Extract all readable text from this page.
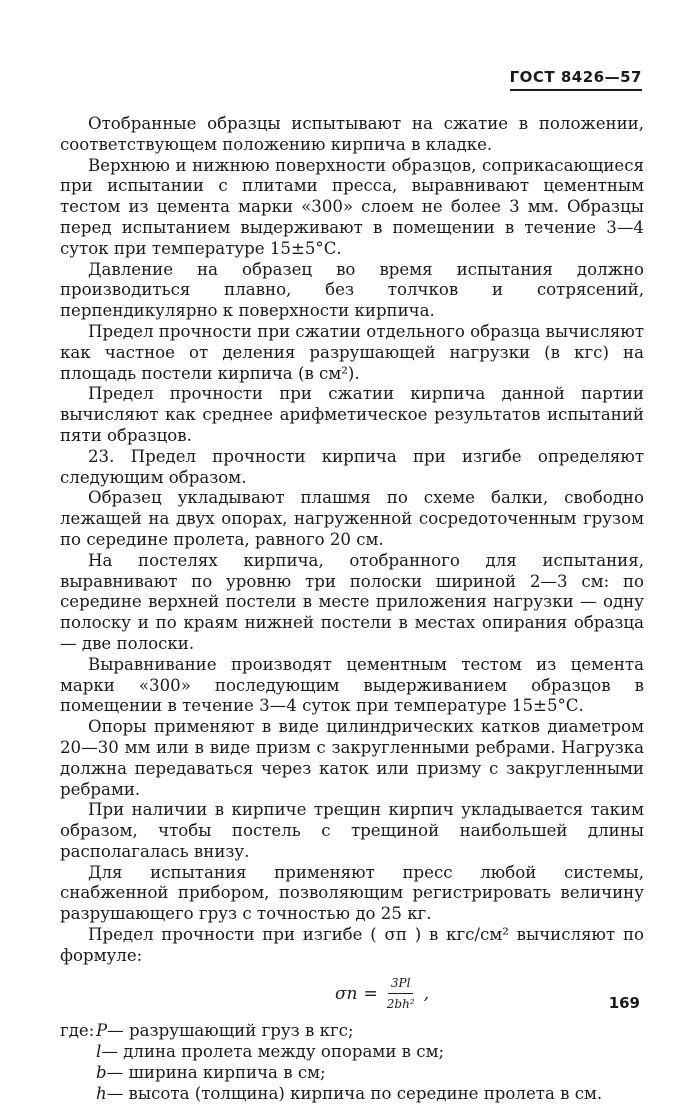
ГОСТ 8426—57

Отобранные образцы испытывают на сжатие в положении, соответствующем положению кирпича в кладке.

Верхнюю и нижнюю поверхности образцов, соприкасающиеся при испытании с плитами пресса, выравнивают цементным тестом из цемента марки «300» слоем не более 3 мм. Образцы перед испытанием выдерживают в помещении в течение 3—4 суток при температуре 15±5°С.

Давление на образец во время испытания должно производиться плавно, без толчков и сотрясений, перпендикулярно к поверхности кирпича.

Предел прочности при сжатии отдельного образца вычисляют как частное от деления разрушающей нагрузки (в кгс) на площадь постели кирпича (в см²).

Предел прочности при сжатии кирпича данной партии вычисляют как среднее арифметическое результатов испытаний пяти образцов.

23. Предел прочности кирпича при изгибе определяют следующим образом.

Образец укладывают плашмя по схеме балки, свободно лежащей на двух опорах, нагруженной сосредоточенным грузом по середине пролета, равного 20 см.

На постелях кирпича, отобранного для испытания, выравнивают по уровню три полоски шириной 2—3 см: по середине верхней постели в месте приложения нагрузки — одну полоску и по краям нижней постели в местах опирания образца — две полоски.

Выравнивание производят цементным тестом из цемента марки «300» последующим выдерживанием образцов в помещении в течение 3—4 суток при температуре 15±5°С.

Опоры применяют в виде цилиндрических катков диаметром 20—30 мм или в виде призм с закругленными ребрами. Нагрузка должна передаваться через каток или призму с закругленными ребрами.

При наличии в кирпиче трещин кирпич укладывается таким образом, чтобы постель с трещиной наибольшей длины располагалась внизу.

Для испытания применяют пресс любой системы, снабженной прибором, позволяющим регистрировать величину разрушающего груз с точностью до 25 кг.

Предел прочности при изгибе ( σп ) в кгс/см² вычисляют по формуле:

$\sigma п = \frac{3Pl}{\text{2bh²}}$ ,
где: P — разрушающий груз в кгс;
l — длина пролета между опорами в см;
b — ширина кирпича в см;
h — высота (толщина) кирпича по середине пролета в см.
169
